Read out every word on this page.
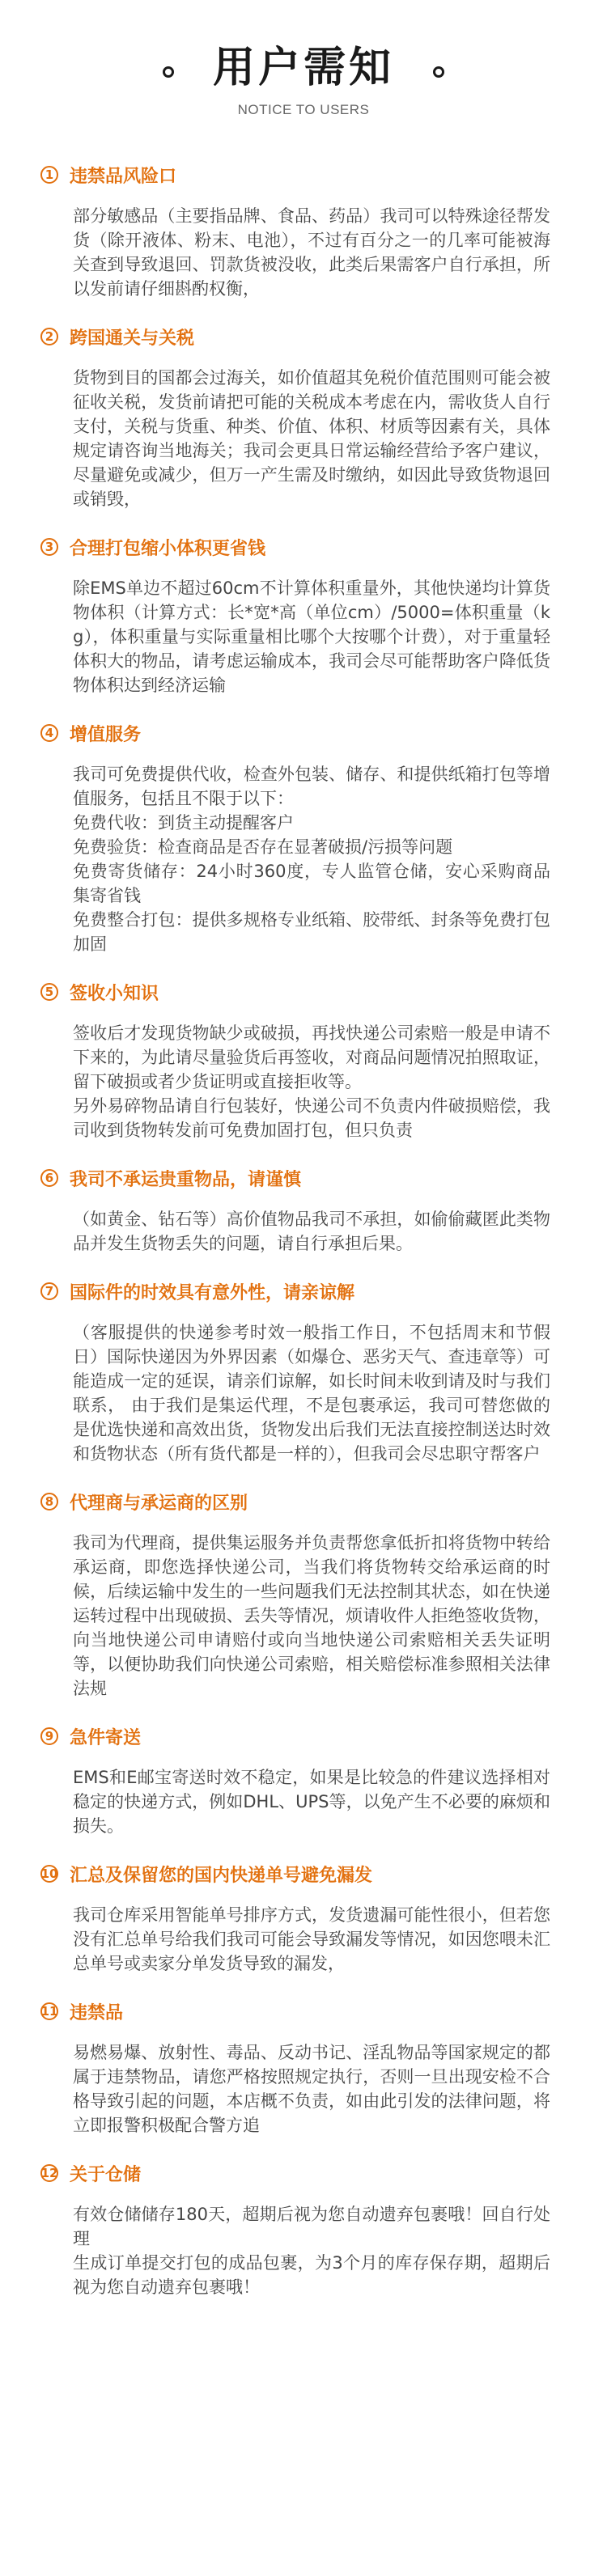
用户需知
NOTICE TO USERS
1 违禁品风险口

部分敏感品（主要指品牌、食品、药品）我司可以特殊途径帮发货（除开液体、粉末、电池），不过有百分之一的几率可能被海关查到导致退回、罚款货被没收，此类后果需客户自行承担，所以发前请仔细斟酌权衡，

2 跨国通关与关税

货物到目的国都会过海关，如价值超其免税价值范围则可能会被征收关税，发货前请把可能的关税成本考虑在内，需收货人自行支付，关税与货重、种类、价值、体积、材质等因素有关，具体规定请咨询当地海关；我司会更具日常运输经营给予客户建议，尽量避免或减少，但万一产生需及时缴纳，如因此导致货物退回或销毁，

3 合理打包缩小体积更省钱

除EMS单边不超过60cm不计算体积重量外，其他快递均计算货物体积（计算方式：长*宽*高（单位cm）/5000=体积重量（kg），体积重量与实际重量相比哪个大按哪个计费），对于重量轻体积大的物品，请考虑运输成本，我司会尽可能帮助客户降低货物体积达到经济运输

4 增值服务

我司可免费提供代收，检查外包装、储存、和提供纸箱打包等增值服务，包括且不限于以下：

免费代收：到货主动提醒客户

免费验货：检查商品是否存在显著破损/污损等问题

免费寄货储存：24小时360度，专人监管仓储，安心采购商品集寄省钱

免费整合打包：提供多规格专业纸箱、胶带纸、封条等免费打包加固

5 签收小知识

签收后才发现货物缺少或破损，再找快递公司索赔一般是申请不下来的，为此请尽量验货后再签收，对商品问题情况拍照取证，留下破损或者少货证明或直接拒收等。

另外易碎物品请自行包装好，快递公司不负责内件破损赔偿，我司收到货物转发前可免费加固打包，但只负责

6 我司不承运贵重物品，请谨慎

（如黄金、钻石等）高价值物品我司不承担，如偷偷藏匿此类物品并发生货物丢失的问题，请自行承担后果。

7 国际件的时效具有意外性，请亲谅解

（客服提供的快递参考时效一般指工作日，不包括周末和节假日）国际快递因为外界因素（如爆仓、恶劣天气、查违章等）可能造成一定的延误，请亲们谅解，如长时间未收到请及时与我们联系， 由于我们是集运代理，不是包裹承运，我司可替您做的是优选快递和高效出货，货物发出后我们无法直接控制送达时效和货物状态（所有货代都是一样的），但我司会尽忠职守帮客户

8 代理商与承运商的区别

我司为代理商，提供集运服务并负责帮您拿低折扣将货物中转给承运商，即您选择快递公司，当我们将货物转交给承运商的时候，后续运输中发生的一些问题我们无法控制其状态，如在快递运转过程中出现破损、丢失等情况，烦请收件人拒绝签收货物，向当地快递公司申请赔付或向当地快递公司索赔相关丢失证明等，以便协助我们向快递公司索赔，相关赔偿标准参照相关法律法规

9 急件寄送

EMS和E邮宝寄送时效不稳定，如果是比较急的件建议选择相对稳定的快递方式，例如DHL、UPS等，以免产生不必要的麻烦和损失。

10 汇总及保留您的国内快递单号避免漏发

我司仓库采用智能单号排序方式，发货遗漏可能性很小，但若您没有汇总单号给我们我司可能会导致漏发等情况，如因您喂未汇总单号或卖家分单发货导致的漏发，

11 违禁品

易燃易爆、放射性、毒品、反动书记、淫乱物品等国家规定的都属于违禁物品，请您严格按照规定执行，否则一旦出现安检不合格导致引起的问题，本店概不负责，如由此引发的法律问题，将立即报警积极配合警方追

12 关于仓储

有效仓储储存180天，超期后视为您自动遗弃包裹哦！回自行处理

生成订单提交打包的成品包裹，为3个月的库存保存期，超期后视为您自动遗弃包裹哦！
